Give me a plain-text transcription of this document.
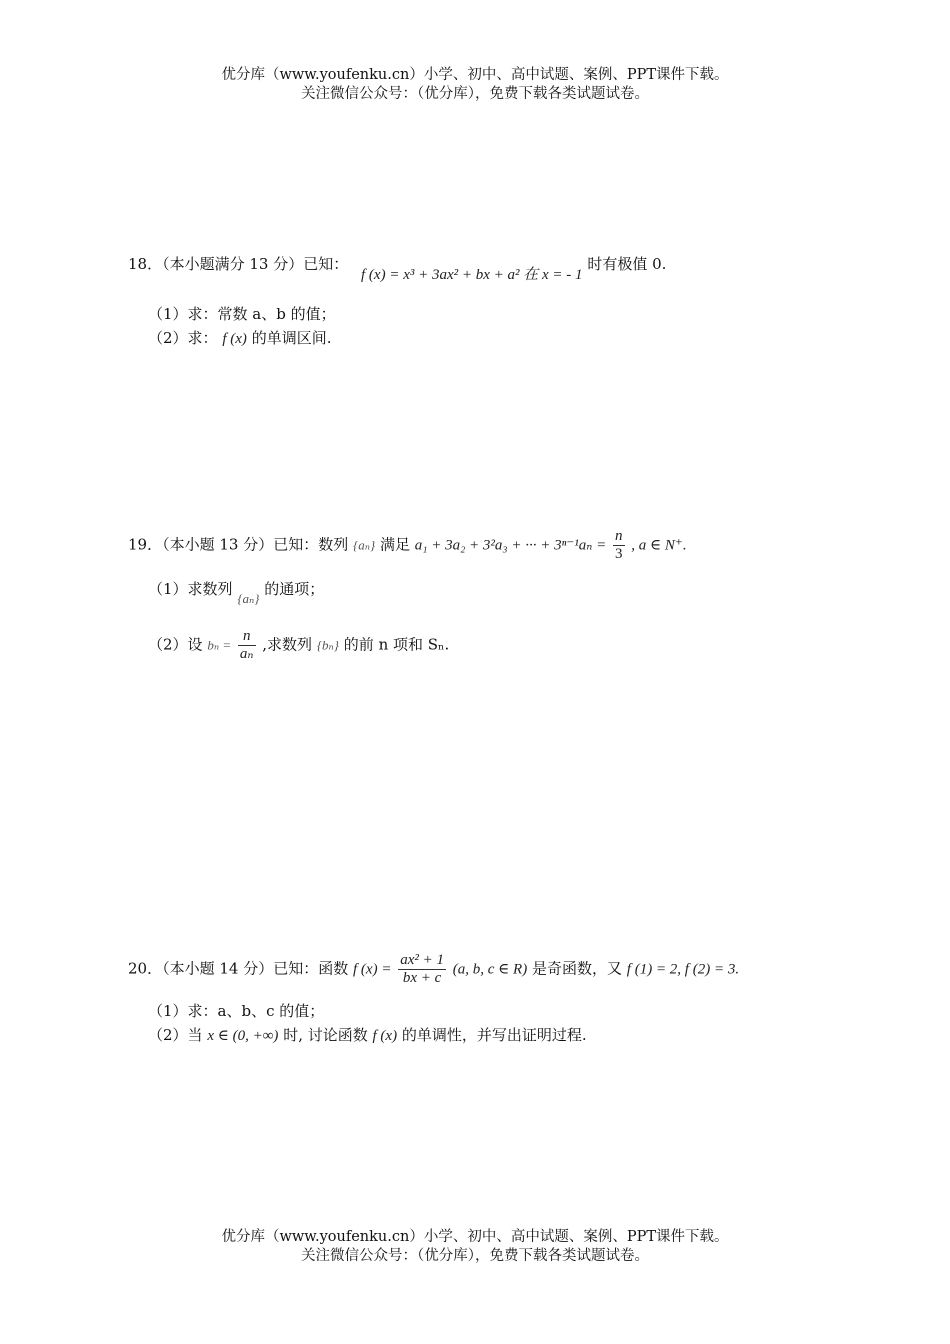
优分库（www.youfenku.cn）小学、初中、高中试题、案例、PPT课件下载。
关注微信公众号：（优分库），免费下载各类试题试卷。
18．（本小题满分 13 分）已知： f (x) = x³ + 3ax² + bx + a² 在 x = - 1 时有极值 0.
（1）求：常数 a、b 的值；
（2）求： f (x) 的单调区间.
19．（本小题 13 分）已知：数列 {aₙ} 满足 a₁ + 3a₂ + 3²a₃ + ··· + $3^{n-1}a_n = \frac{n}{3}$ , a ∈ N⁺.
（1）求数列 {aₙ} 的通项；
（2）设 $b_n = \frac{n}{\text{aₙ}}$ ,求数列 {bₙ} 的前 n 项和 Sₙ.
20．（本小题 14 分）已知：函数 f $(x) = \frac{\text{ax² + 1}}{bx + c} (a$, b, c ∈ R) 是奇函数，又 f (1) = 2, f (2) = 3.
（1）求：a、b、c 的值；
（2）当 x ∈ (0, +∞) 时, 讨论函数 f (x) 的单调性，并写出证明过程.
优分库（www.youfenku.cn）小学、初中、高中试题、案例、PPT课件下载。
关注微信公众号：（优分库），免费下载各类试题试卷。
